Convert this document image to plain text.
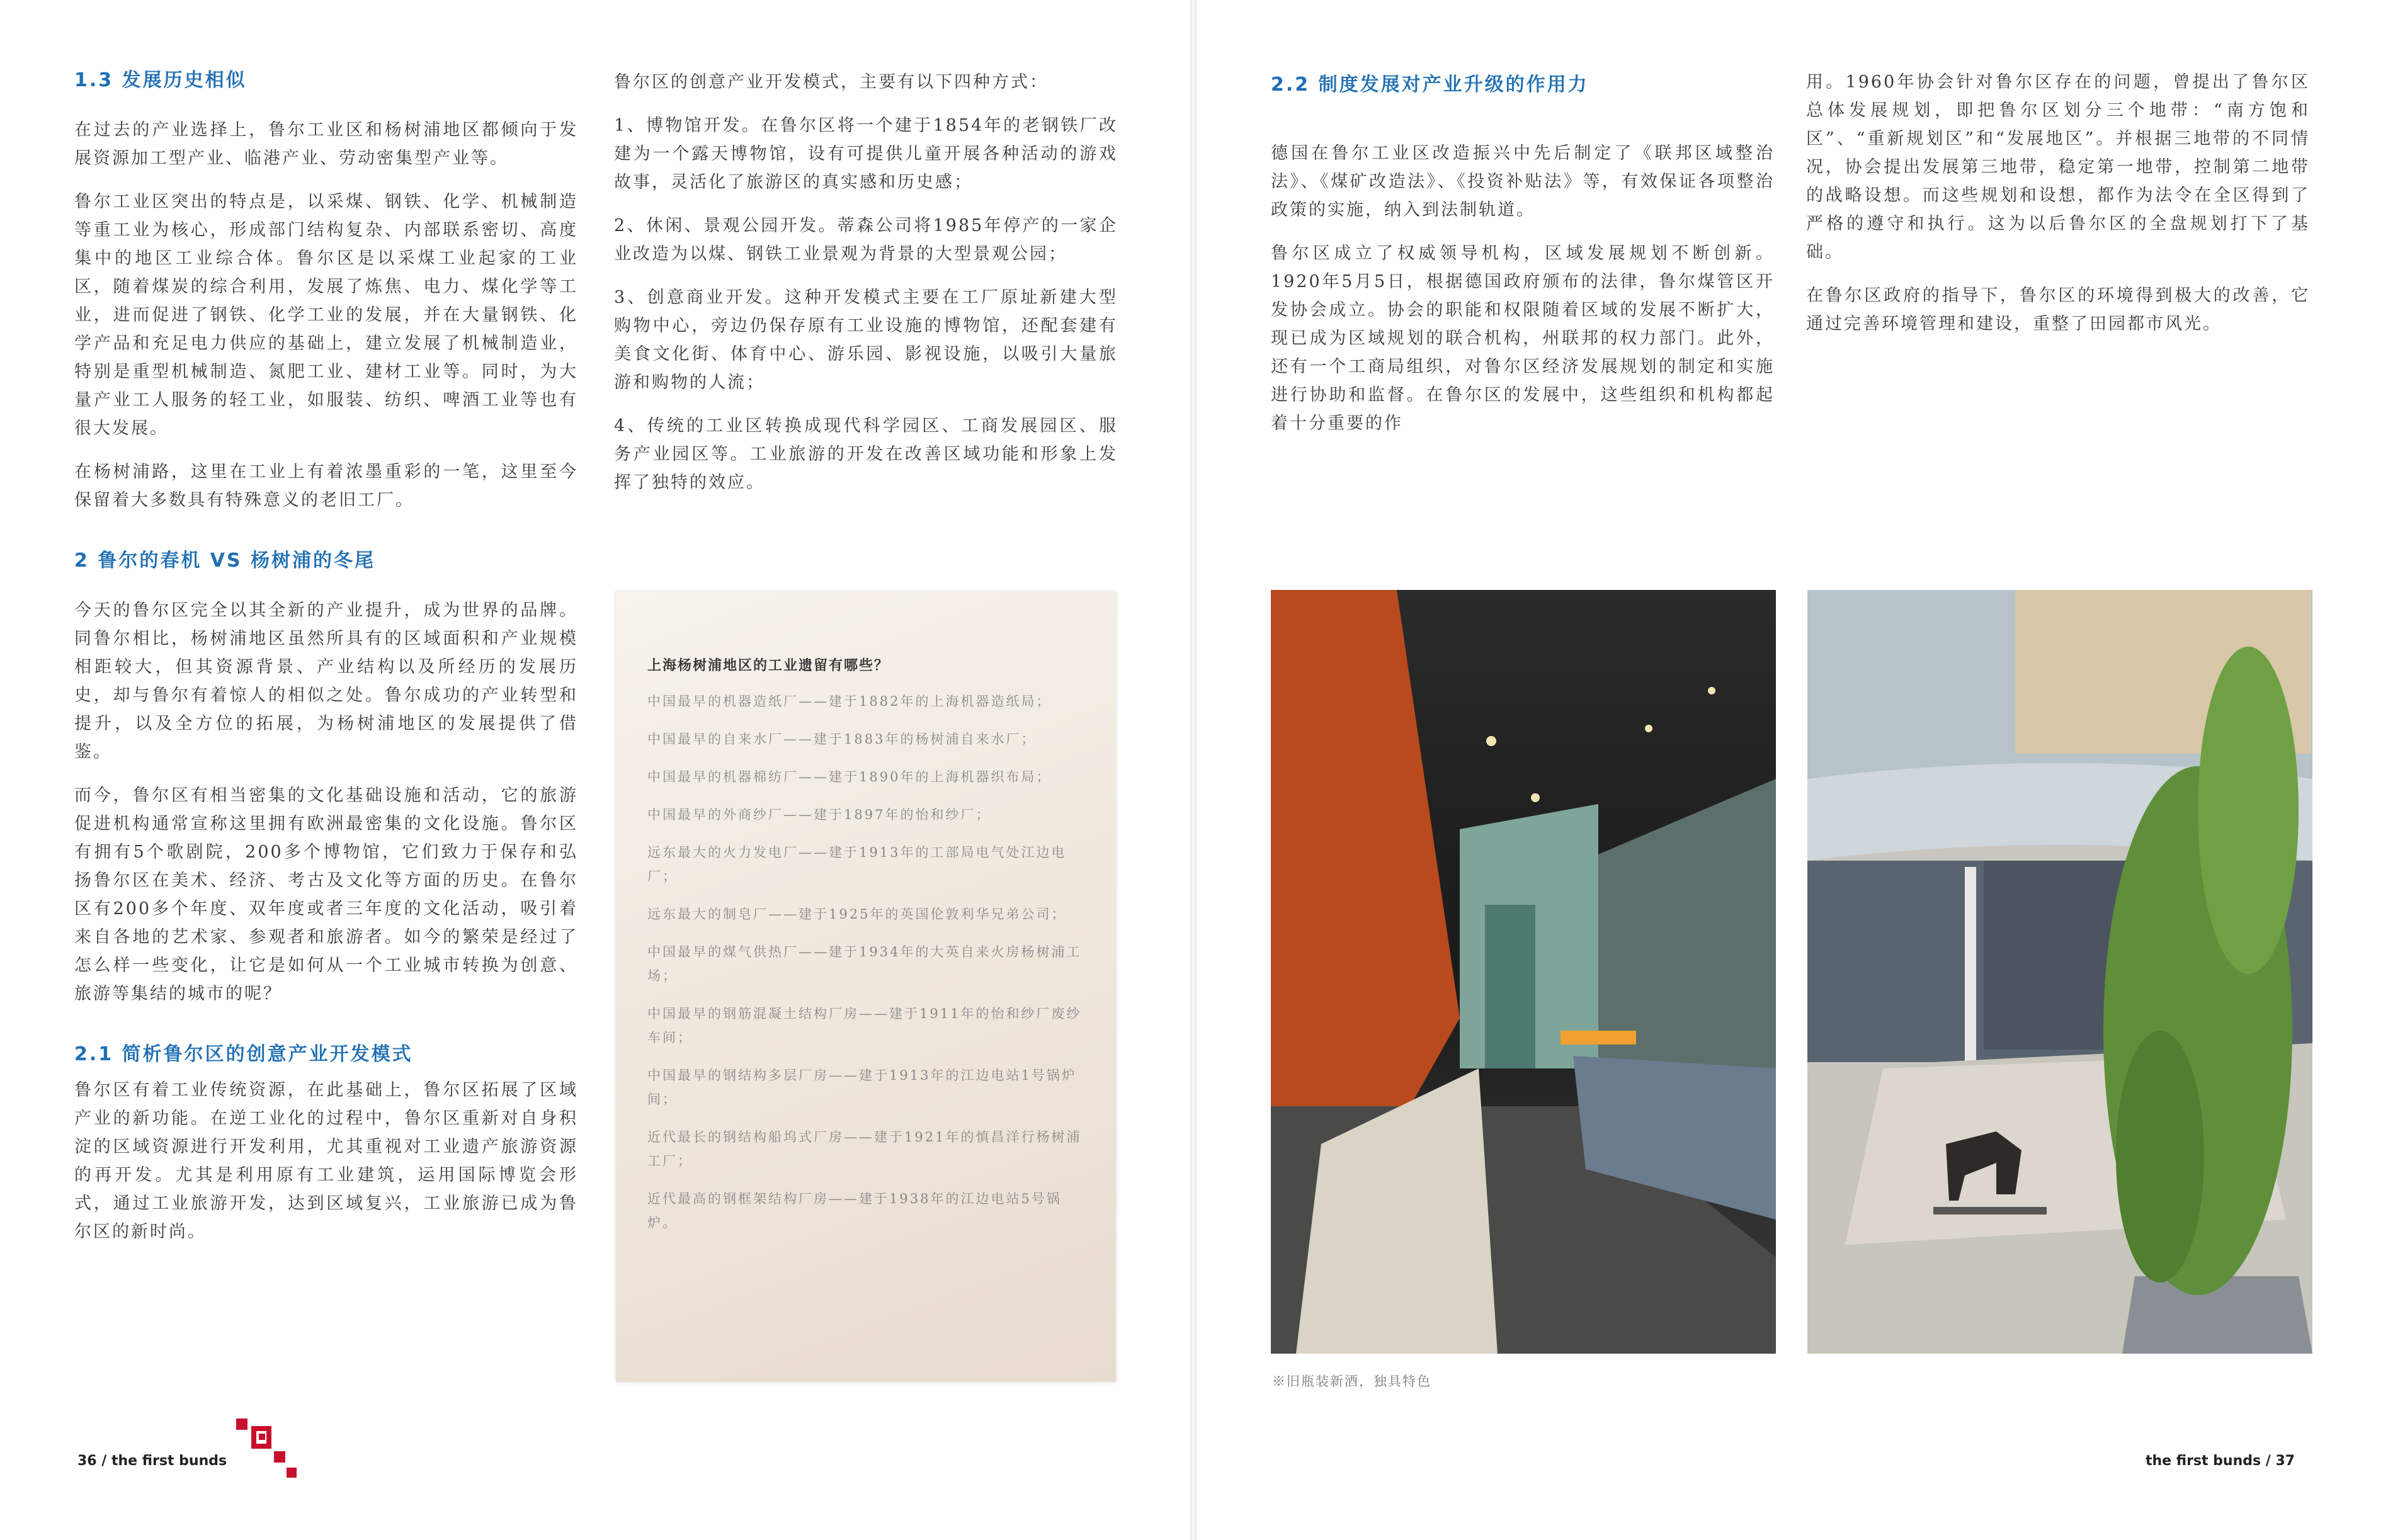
1.3 发展历史相似

在过去的产业选择上，鲁尔工业区和杨树浦地区都倾向于发展资源加工型产业、临港产业、劳动密集型产业等。

鲁尔工业区突出的特点是，以采煤、钢铁、化学、机械制造等重工业为核心，形成部门结构复杂、内部联系密切、高度集中的地区工业综合体。鲁尔区是以采煤工业起家的工业区，随着煤炭的综合利用，发展了炼焦、电力、煤化学等工业，进而促进了钢铁、化学工业的发展，并在大量钢铁、化学产品和充足电力供应的基础上，建立发展了机械制造业，特别是重型机械制造、氮肥工业、建材工业等。同时，为大量产业工人服务的轻工业，如服装、纺织、啤酒工业等也有很大发展。

在杨树浦路，这里在工业上有着浓墨重彩的一笔，这里至今保留着大多数具有特殊意义的老旧工厂。

2 鲁尔的春机 VS 杨树浦的冬尾

今天的鲁尔区完全以其全新的产业提升，成为世界的品牌。同鲁尔相比，杨树浦地区虽然所具有的区域面积和产业规模相距较大，但其资源背景、产业结构以及所经历的发展历史，却与鲁尔有着惊人的相似之处。鲁尔成功的产业转型和提升，以及全方位的拓展，为杨树浦地区的发展提供了借鉴。

而今，鲁尔区有相当密集的文化基础设施和活动，它的旅游促进机构通常宣称这里拥有欧洲最密集的文化设施。鲁尔区有拥有5个歌剧院，200多个博物馆，它们致力于保存和弘扬鲁尔区在美术、经济、考古及文化等方面的历史。在鲁尔区有200多个年度、双年度或者三年度的文化活动，吸引着来自各地的艺术家、参观者和旅游者。如今的繁荣是经过了怎么样一些变化，让它是如何从一个工业城市转换为创意、旅游等集结的城市的呢？

2.1 简析鲁尔区的创意产业开发模式

鲁尔区有着工业传统资源，在此基础上，鲁尔区拓展了区域产业的新功能。在逆工业化的过程中，鲁尔区重新对自身积淀的区域资源进行开发利用，尤其重视对工业遗产旅游资源的再开发。尤其是利用原有工业建筑，运用国际博览会形式，通过工业旅游开发，达到区域复兴，工业旅游已成为鲁尔区的新时尚。

鲁尔区的创意产业开发模式，主要有以下四种方式：

1、博物馆开发。在鲁尔区将一个建于1854年的老钢铁厂改建为一个露天博物馆，设有可提供儿童开展各种活动的游戏故事，灵活化了旅游区的真实感和历史感；

2、休闲、景观公园开发。蒂森公司将1985年停产的一家企业改造为以煤、钢铁工业景观为背景的大型景观公园；

3、创意商业开发。这种开发模式主要在工厂原址新建大型购物中心，旁边仍保存原有工业设施的博物馆，还配套建有美食文化街、体育中心、游乐园、影视设施，以吸引大量旅游和购物的人流；

4、传统的工业区转换成现代科学园区、工商发展园区、服务产业园区等。工业旅游的开发在改善区域功能和形象上发挥了独特的效应。

上海杨树浦地区的工业遗留有哪些？
中国最早的机器造纸厂——建于1882年的上海机器造纸局；
中国最早的自来水厂——建于1883年的杨树浦自来水厂；
中国最早的机器棉纺厂——建于1890年的上海机器织布局；
中国最早的外商纱厂——建于1897年的怡和纱厂；
远东最大的火力发电厂——建于1913年的工部局电气处江边电厂；
远东最大的制皂厂——建于1925年的英国伦敦利华兄弟公司；
中国最早的煤气供热厂——建于1934年的大英自来火房杨树浦工场；
中国最早的钢筋混凝土结构厂房——建于1911年的怡和纱厂废纱车间；
中国最早的钢结构多层厂房——建于1913年的江边电站1号锅炉间；
近代最长的钢结构船坞式厂房——建于1921年的慎昌洋行杨树浦工厂；
近代最高的钢框架结构厂房——建于1938年的江边电站5号锅炉。
36 / the first bunds
2.2 制度发展对产业升级的作用力

德国在鲁尔工业区改造振兴中先后制定了《联邦区域整治法》、《煤矿改造法》、《投资补贴法》等，有效保证各项整治政策的实施，纳入到法制轨道。

鲁尔区成立了权威领导机构，区域发展规划不断创新。1920年5月5日，根据德国政府颁布的法律，鲁尔煤管区开发协会成立。协会的职能和权限随着区域的发展不断扩大，现已成为区域规划的联合机构，州联邦的权力部门。此外，还有一个工商局组织，对鲁尔区经济发展规划的制定和实施进行协助和监督。在鲁尔区的发展中，这些组织和机构都起着十分重要的作

用。1960年协会针对鲁尔区存在的问题，曾提出了鲁尔区总体发展规划，即把鲁尔区划分三个地带：“南方饱和区”、“重新规划区”和“发展地区”。并根据三地带的不同情况，协会提出发展第三地带，稳定第一地带，控制第二地带的战略设想。而这些规划和设想，都作为法令在全区得到了严格的遵守和执行。这为以后鲁尔区的全盘规划打下了基础。

在鲁尔区政府的指导下，鲁尔区的环境得到极大的改善，它通过完善环境管理和建设，重整了田园都市风光。

※旧瓶装新酒，独具特色
the first bunds / 37
